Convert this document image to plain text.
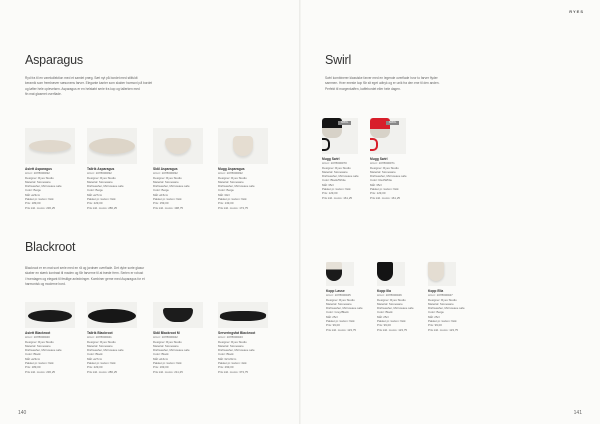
RYES
140	141
Asparagus
Ryd fra til en varekollektion med et samlet præg. Sæt nyt på bordet med stilfuldt
keramik som fremhæver sæsonens farver. Elegante kanter som skaber harmoni på bordet
og løfter hele oplevelsen. Asparagus er en helstøbt serie fra kop og tallerken med
fin mat glaseret overflade.
Asiett Asparagus
Art.nr: 1078000032
Designer: Ryes Studio
Material: Stoneware
Dishwasher, Microwave safe
Color: Beige
Mål: ø23cm
Pakket pr. karton: 6stk
Pris: 189,00
Pris inkl. moms: 236,25
Tallrik Asparagus
Art.nr: 1078000032
Designer: Ryes Studio
Material: Stoneware
Dishwasher, Microwave safe
Color: Beige
Mål: ø27cm
Pakket pr. karton: 6stk
Pris: 229,00
Pris inkl. moms: 286,25
Skål Asparagus
Art.nr: 1078000032
Designer: Ryes Studio
Material: Stoneware
Dishwasher, Microwave safe
Color: Beige
Mål: ø15cm
Pakket pr. karton: 6stk
Pris: 159,00
Pris inkl. moms: 198,75
Mugg Asparagus
Art.nr: 1078000032
Designer: Ryes Studio
Material: Stoneware
Dishwasher, Microwave safe
Color: Beige
Mål: 30cl
Pakket pr. karton: 6stk
Pris: 139,00
Pris inkl. moms: 173,75
Swirl
Swirl kombinerer klassiske farver med en legende overflade hvor to farver flyder
sammen. Hver eneste kop får sit eget udtryk og er unik fra den ene til den anden.
Perfekt til morgenkaffen, kaffebordet eller hele dagen.
SWIRL
Mugg Swirl
Art.nr: 1078000070
Designer: Ryes Studio
Material: Stoneware
Dishwasher, Microwave safe
Color: Black/White
Mål: 35cl
Pakket pr. karton: 6stk
Pris: 129,00
Pris inkl. moms: 161,25
SWIRL
Mugg Swirl
Art.nr: 1078000071
Designer: Ryes Studio
Material: Stoneware
Dishwasher, Microwave safe
Color: Red/White
Mål: 35cl
Pakket pr. karton: 6stk
Pris: 129,00
Pris inkl. moms: 161,25
Blackroot
Blackroot er en mat sort serie med en rå og jordnær overflade. Det dybe sorte glasur
skaber en stærk kontrast til maden og får farverne til at træde frem. Serien er robust
i hverdagen og elegant til festlige anledninger. Kombiner gerne med Asparagus for et
harmonisk og moderne bord.
Asiett Blackroot
Art.nr: 1078000040
Designer: Ryes Studio
Material: Stoneware
Dishwasher, Microwave safe
Color: Black
Mål: ø23cm
Pakket pr. karton: 6stk
Pris: 189,00
Pris inkl. moms: 236,25
Tallrik Blackroot
Art.nr: 1078000041
Designer: Ryes Studio
Material: Stoneware
Dishwasher, Microwave safe
Color: Black
Mål: ø27cm
Pakket pr. karton: 6stk
Pris: 229,00
Pris inkl. moms: 286,25
Skål Blackroot M
Art.nr: 1078000042
Designer: Ryes Studio
Material: Stoneware
Dishwasher, Microwave safe
Color: Black
Mål: ø16cm
Pakket pr. karton: 6stk
Pris: 169,00
Pris inkl. moms: 211,25
Serveringsfat Blackroot
Art.nr: 1078000043
Designer: Ryes Studio
Material: Stoneware
Dishwasher, Microwave safe
Color: Black
Mål: 32×20cm
Pakket pr. karton: 4stk
Pris: 299,00
Pris inkl. moms: 373,75
Kopp Lasse
Art.nr: 1078000045
Designer: Ryes Studio
Material: Stoneware
Dishwasher, Microwave safe
Color: Grey/Black
Mål: 25cl
Pakket pr. karton: 6stk
Pris: 99,00
Pris inkl. moms: 123,75
Kopp Illa
Art.nr: 1078000046
Designer: Ryes Studio
Material: Stoneware
Dishwasher, Microwave safe
Color: Black
Mål: 25cl
Pakket pr. karton: 6stk
Pris: 99,00
Pris inkl. moms: 123,75
Kopp Ella
Art.nr: 1078000047
Designer: Ryes Studio
Material: Stoneware
Dishwasher, Microwave safe
Color: Beige
Mål: 25cl
Pakket pr. karton: 6stk
Pris: 99,00
Pris inkl. moms: 123,75
